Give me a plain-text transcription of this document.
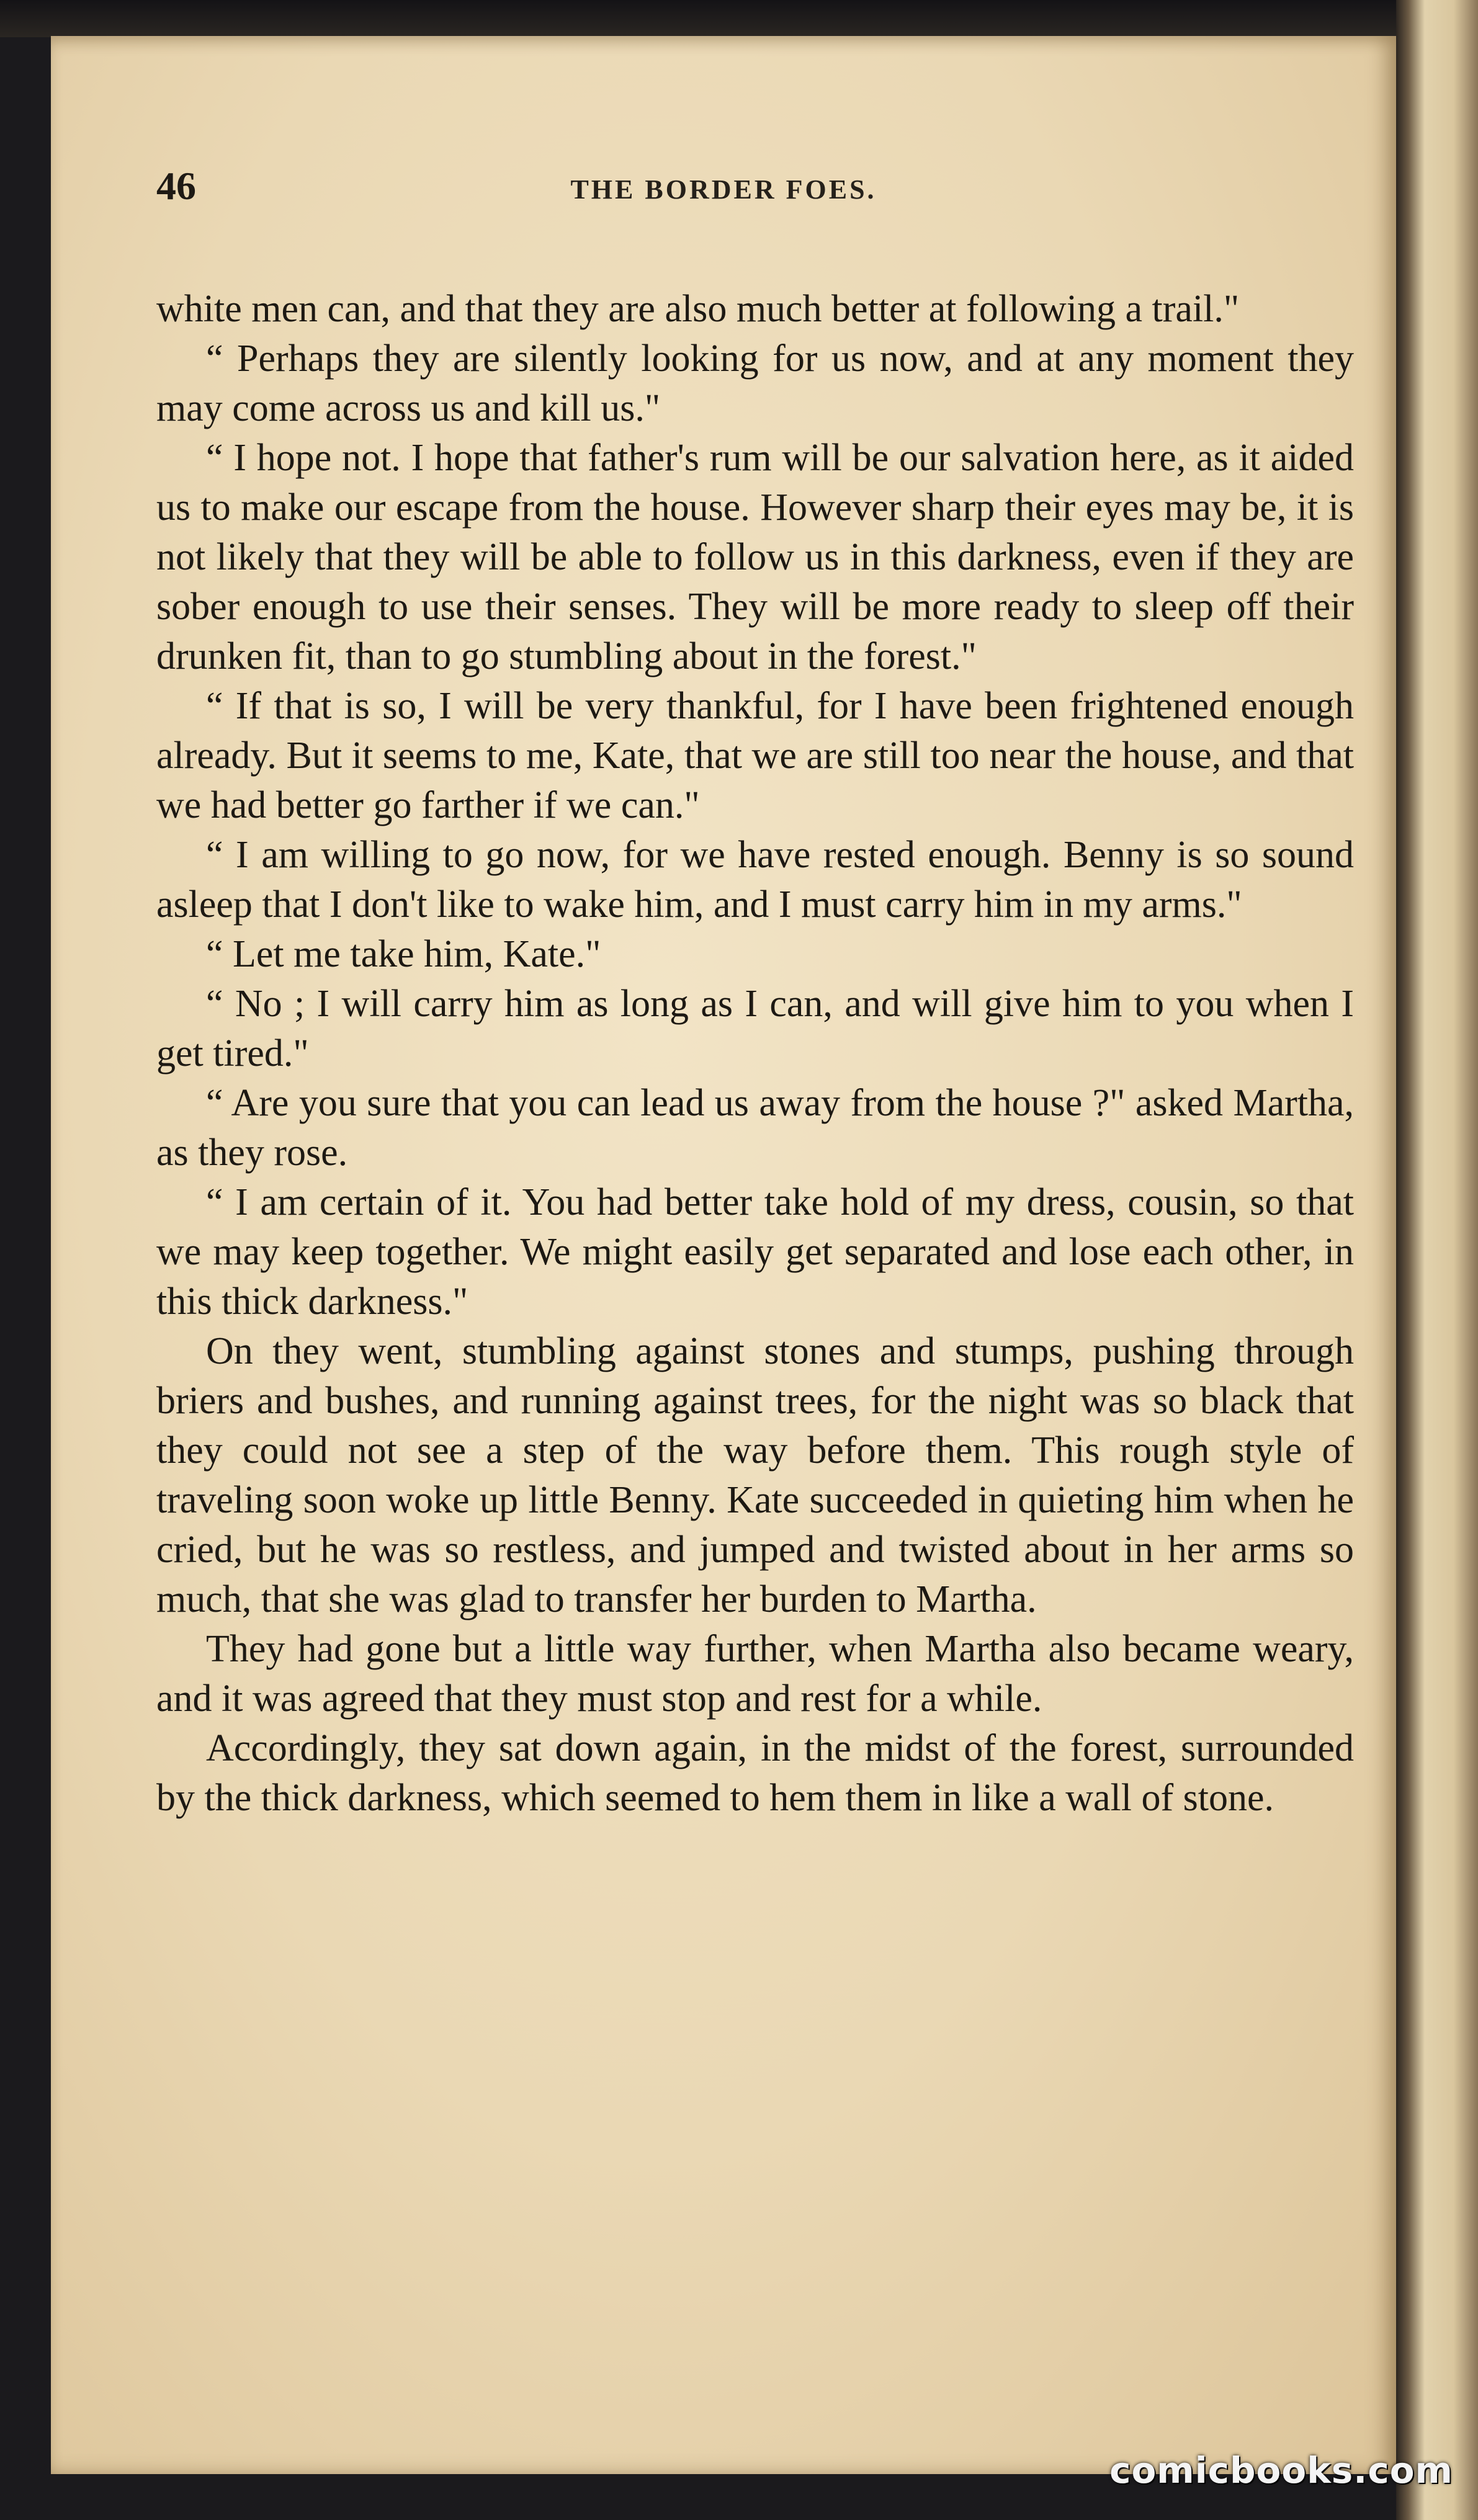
46	THE BORDER FOES.

white men can, and that they are also much better at following a trail."

“ Perhaps they are silently looking for us now, and at any moment they may come across us and kill us."

“ I hope not. I hope that father's rum will be our salvation here, as it aided us to make our escape from the house. However sharp their eyes may be, it is not likely that they will be able to follow us in this darkness, even if they are sober enough to use their senses. They will be more ready to sleep off their drunken fit, than to go stumbling about in the forest."

“ If that is so, I will be very thankful, for I have been frightened enough already. But it seems to me, Kate, that we are still too near the house, and that we had better go farther if we can."

“ I am willing to go now, for we have rested enough. Benny is so sound asleep that I don't like to wake him, and I must carry him in my arms."

“ Let me take him, Kate."

“ No ; I will carry him as long as I can, and will give him to you when I get tired."

“ Are you sure that you can lead us away from the house ?" asked Martha, as they rose.

“ I am certain of it. You had better take hold of my dress, cousin, so that we may keep together. We might easily get separated and lose each other, in this thick darkness."

On they went, stumbling against stones and stumps, pushing through briers and bushes, and running against trees, for the night was so black that they could not see a step of the way before them. This rough style of traveling soon woke up little Benny. Kate succeeded in quieting him when he cried, but he was so restless, and jumped and twisted about in her arms so much, that she was glad to transfer her burden to Martha.

They had gone but a little way further, when Martha also became weary, and it was agreed that they must stop and rest for a while.

Accordingly, they sat down again, in the midst of the forest, surrounded by the thick darkness, which seemed to hem them in like a wall of stone.

comicbooks.com
